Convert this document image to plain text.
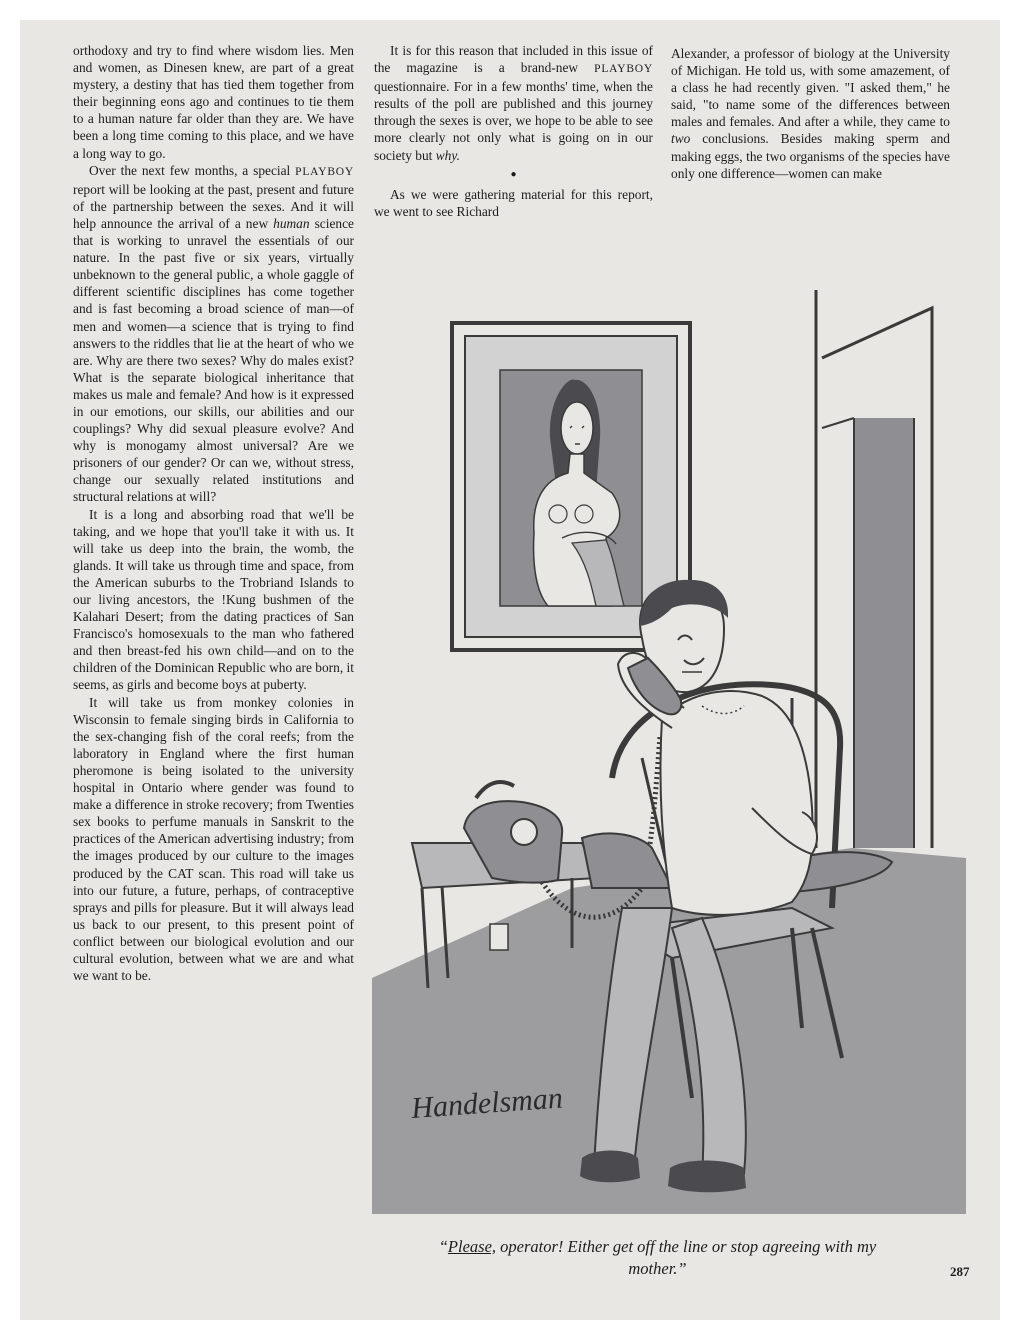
orthodoxy and try to find where wisdom lies. Men and women, as Dinesen knew, are part of a great mystery, a destiny that has tied them together from their beginning eons ago and continues to tie them to a human nature far older than they are. We have been a long time coming to this place, and we have a long way to go.

Over the next few months, a special PLAYBOY report will be looking at the past, present and future of the partnership between the sexes. And it will help announce the arrival of a new human science that is working to unravel the essentials of our nature. In the past five or six years, virtually unbeknown to the general public, a whole gaggle of different scientific disciplines has come together and is fast becoming a broad science of man—of men and women—a science that is trying to find answers to the riddles that lie at the heart of who we are. Why are there two sexes? Why do males exist? What is the separate biological inheritance that makes us male and female? And how is it expressed in our emotions, our skills, our abilities and our couplings? Why did sexual pleasure evolve? And why is monogamy almost universal? Are we prisoners of our gender? Or can we, without stress, change our sexually related institutions and structural relations at will?

It is a long and absorbing road that we'll be taking, and we hope that you'll take it with us. It will take us deep into the brain, the womb, the glands. It will take us through time and space, from the American suburbs to the Trobriand Islands to our living ancestors, the !Kung bushmen of the Kalahari Desert; from the dating practices of San Francisco's homosexuals to the man who fathered and then breast-fed his own child—and on to the children of the Dominican Republic who are born, it seems, as girls and become boys at puberty.

It will take us from monkey colonies in Wisconsin to female singing birds in California to the sex-changing fish of the coral reefs; from the laboratory in England where the first human pheromone is being isolated to the university hospital in Ontario where gender was found to make a difference in stroke recovery; from Twenties sex books to perfume manuals in Sanskrit to the practices of the American advertising industry; from the images produced by our culture to the images produced by the CAT scan. This road will take us into our future, a future, perhaps, of contraceptive sprays and pills for pleasure. But it will always lead us back to our present, to this present point of conflict between our biological evolution and our cultural evolution, between what we are and what we want to be.

It is for this reason that included in this issue of the magazine is a brand-new PLAYBOY questionnaire. For in a few months' time, when the results of the poll are published and this journey through the sexes is over, we hope to be able to see more clearly not only what is going on in our society but why.

●

As we were gathering material for this report, we went to see Richard

Alexander, a professor of biology at the University of Michigan. He told us, with some amazement, of a class he had recently given. "I asked them," he said, "to name some of the differences between males and females. And after a while, they came to two conclusions. Besides making sperm and making eggs, the two organisms of the species have only one difference—women can make

Handelsman
“Please, operator! Either get off the line or stop agreeing with my mother.”	287
